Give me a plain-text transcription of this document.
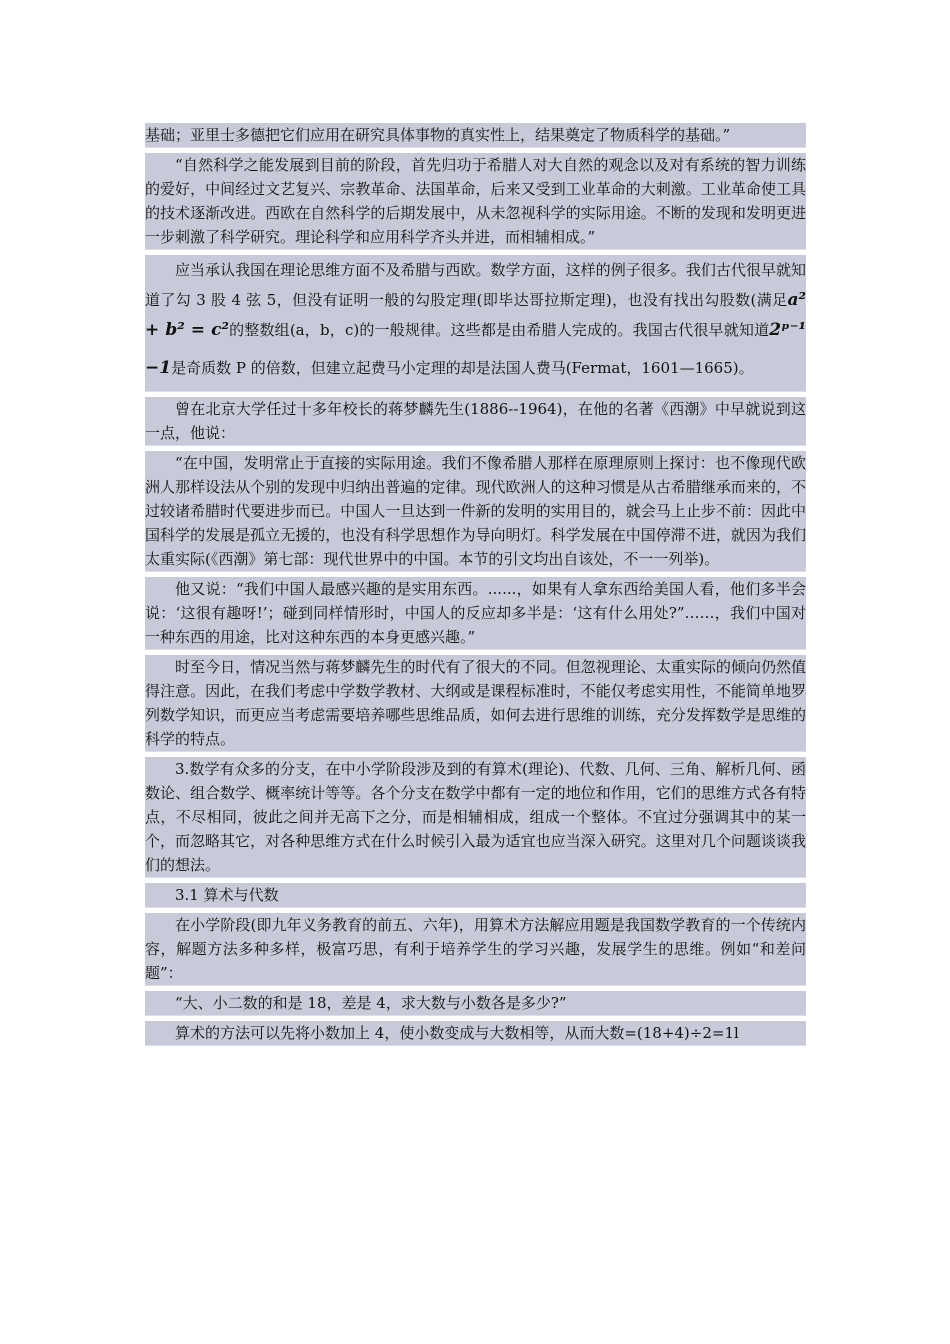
基础；亚里士多德把它们应用在研究具体事物的真实性上，结果奠定了物质科学的基础。”

“自然科学之能发展到目前的阶段，首先归功于希腊人对大自然的观念以及对有系统的智力训练的爱好，中间经过文艺复兴、宗教革命、法国革命，后来又受到工业革命的大刺激。工业革命使工具的技术逐渐改进。西欧在自然科学的后期发展中，从未忽视科学的实际用途。不断的发现和发明更进一步刺激了科学研究。理论科学和应用科学齐头并进，而相辅相成。”

应当承认我国在理论思维方面不及希腊与西欧。数学方面，这样的例子很多。我们古代很早就知道了勾 3 股 4 弦 5，但没有证明一般的勾股定理(即毕达哥拉斯定理)，也没有找出勾股数(满足a² + b² = c²的整数组(a，b，c)的一般规律。这些都是由希腊人完成的。我国古代很早就知道2ᵖ⁻¹ −1是奇质数 P 的倍数，但建立起费马小定理的却是法国人费马(Fermat，1601—1665)。

曾在北京大学任过十多年校长的蒋梦麟先生(1886--1964)，在他的名著《西潮》中早就说到这一点，他说：

“在中国，发明常止于直接的实际用途。我们不像希腊人那样在原理原则上探讨：也不像现代欧洲人那样设法从个别的发现中归纳出普遍的定律。现代欧洲人的这种习惯是从古希腊继承而来的，不过较诸希腊时代要进步而已。中国人一旦达到一件新的发明的实用目的，就会马上止步不前：因此中国科学的发展是孤立无援的，也没有科学思想作为导向明灯。科学发展在中国停滞不进，就因为我们太重实际(《西潮》第七部：现代世界中的中国。本节的引文均出自该处，不一一列举)。

他又说：“我们中国人最感兴趣的是实用东西。......，如果有人拿东西给美国人看，他们多半会说：‘这很有趣呀!’；碰到同样情形时，中国人的反应却多半是：‘这有什么用处?”……，我们中国对一种东西的用途，比对这种东西的本身更感兴趣。”

时至今日，情况当然与蒋梦麟先生的时代有了很大的不同。但忽视理论、太重实际的倾向仍然值得注意。因此，在我们考虑中学数学教材、大纲或是课程标准时，不能仅考虑实用性，不能简单地罗列数学知识，而更应当考虑需要培养哪些思维品质，如何去进行思维的训练，充分发挥数学是思维的科学的特点。

3.数学有众多的分支，在中小学阶段涉及到的有算术(理论)、代数、几何、三角、解析几何、函数论、组合数学、概率统计等等。各个分支在数学中都有一定的地位和作用，它们的思维方式各有特点，不尽相同，彼此之间并无高下之分，而是相辅相成，组成一个整体。不宜过分强调其中的某一个，而忽略其它，对各种思维方式在什么时候引入最为适宜也应当深入研究。这里对几个问题谈谈我们的想法。

3.1 算术与代数

在小学阶段(即九年义务教育的前五、六年)，用算术方法解应用题是我国数学教育的一个传统内容，解题方法多种多样，极富巧思，有利于培养学生的学习兴趣，发展学生的思维。例如“和差问题”：

“大、小二数的和是 18，差是 4，求大数与小数各是多少?”

算术的方法可以先将小数加上 4，使小数变成与大数相等，从而大数=(18+4)÷2=1l
